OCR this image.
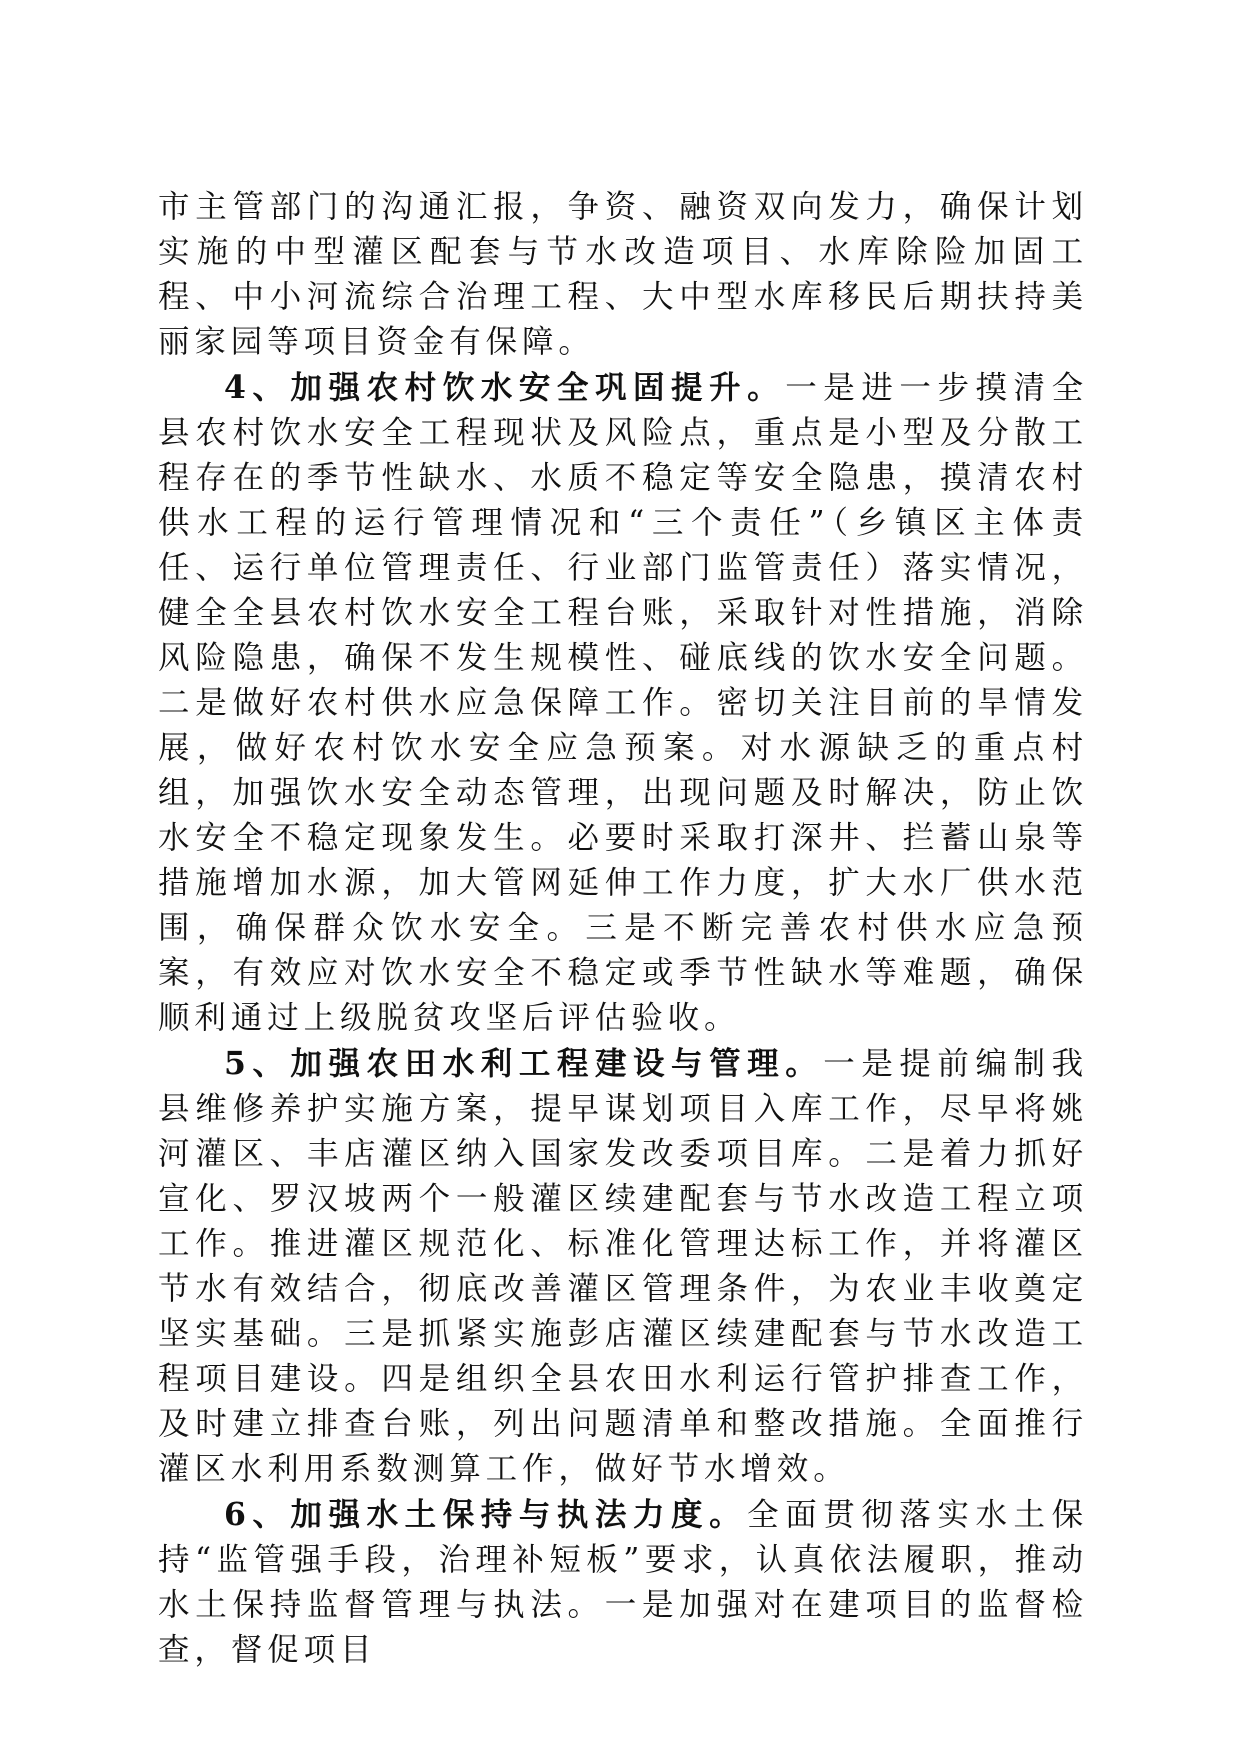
市主管部门的沟通汇报，争资、融资双向发力，确保计划实施的中型灌区配套与节水改造项目、水库除险加固工程、中小河流综合治理工程、大中型水库移民后期扶持美丽家园等项目资金有保障。

4、加强农村饮水安全巩固提升。一是进一步摸清全县农村饮水安全工程现状及风险点，重点是小型及分散工程存在的季节性缺水、水质不稳定等安全隐患，摸清农村供水工程的运行管理情况和“三个责任”（乡镇区主体责任、运行单位管理责任、行业部门监管责任）落实情况，健全全县农村饮水安全工程台账，采取针对性措施，消除风险隐患，确保不发生规模性、碰底线的饮水安全问题。二是做好农村供水应急保障工作。密切关注目前的旱情发展，做好农村饮水安全应急预案。对水源缺乏的重点村组，加强饮水安全动态管理，出现问题及时解决，防止饮水安全不稳定现象发生。必要时采取打深井、拦蓄山泉等措施增加水源，加大管网延伸工作力度，扩大水厂供水范围，确保群众饮水安全。三是不断完善农村供水应急预案，有效应对饮水安全不稳定或季节性缺水等难题，确保顺利通过上级脱贫攻坚后评估验收。

5、加强农田水利工程建设与管理。一是提前编制我县维修养护实施方案，提早谋划项目入库工作，尽早将姚河灌区、丰店灌区纳入国家发改委项目库。二是着力抓好宣化、罗汉坡两个一般灌区续建配套与节水改造工程立项工作。推进灌区规范化、标准化管理达标工作，并将灌区节水有效结合，彻底改善灌区管理条件，为农业丰收奠定坚实基础。三是抓紧实施彭店灌区续建配套与节水改造工程项目建设。四是组织全县农田水利运行管护排查工作，及时建立排查台账，列出问题清单和整改措施。全面推行灌区水利用系数测算工作，做好节水增效。

6、加强水土保持与执法力度。全面贯彻落实水土保持“监管强手段，治理补短板”要求，认真依法履职，推动水土保持监督管理与执法。一是加强对在建项目的监督检查，督促项目
